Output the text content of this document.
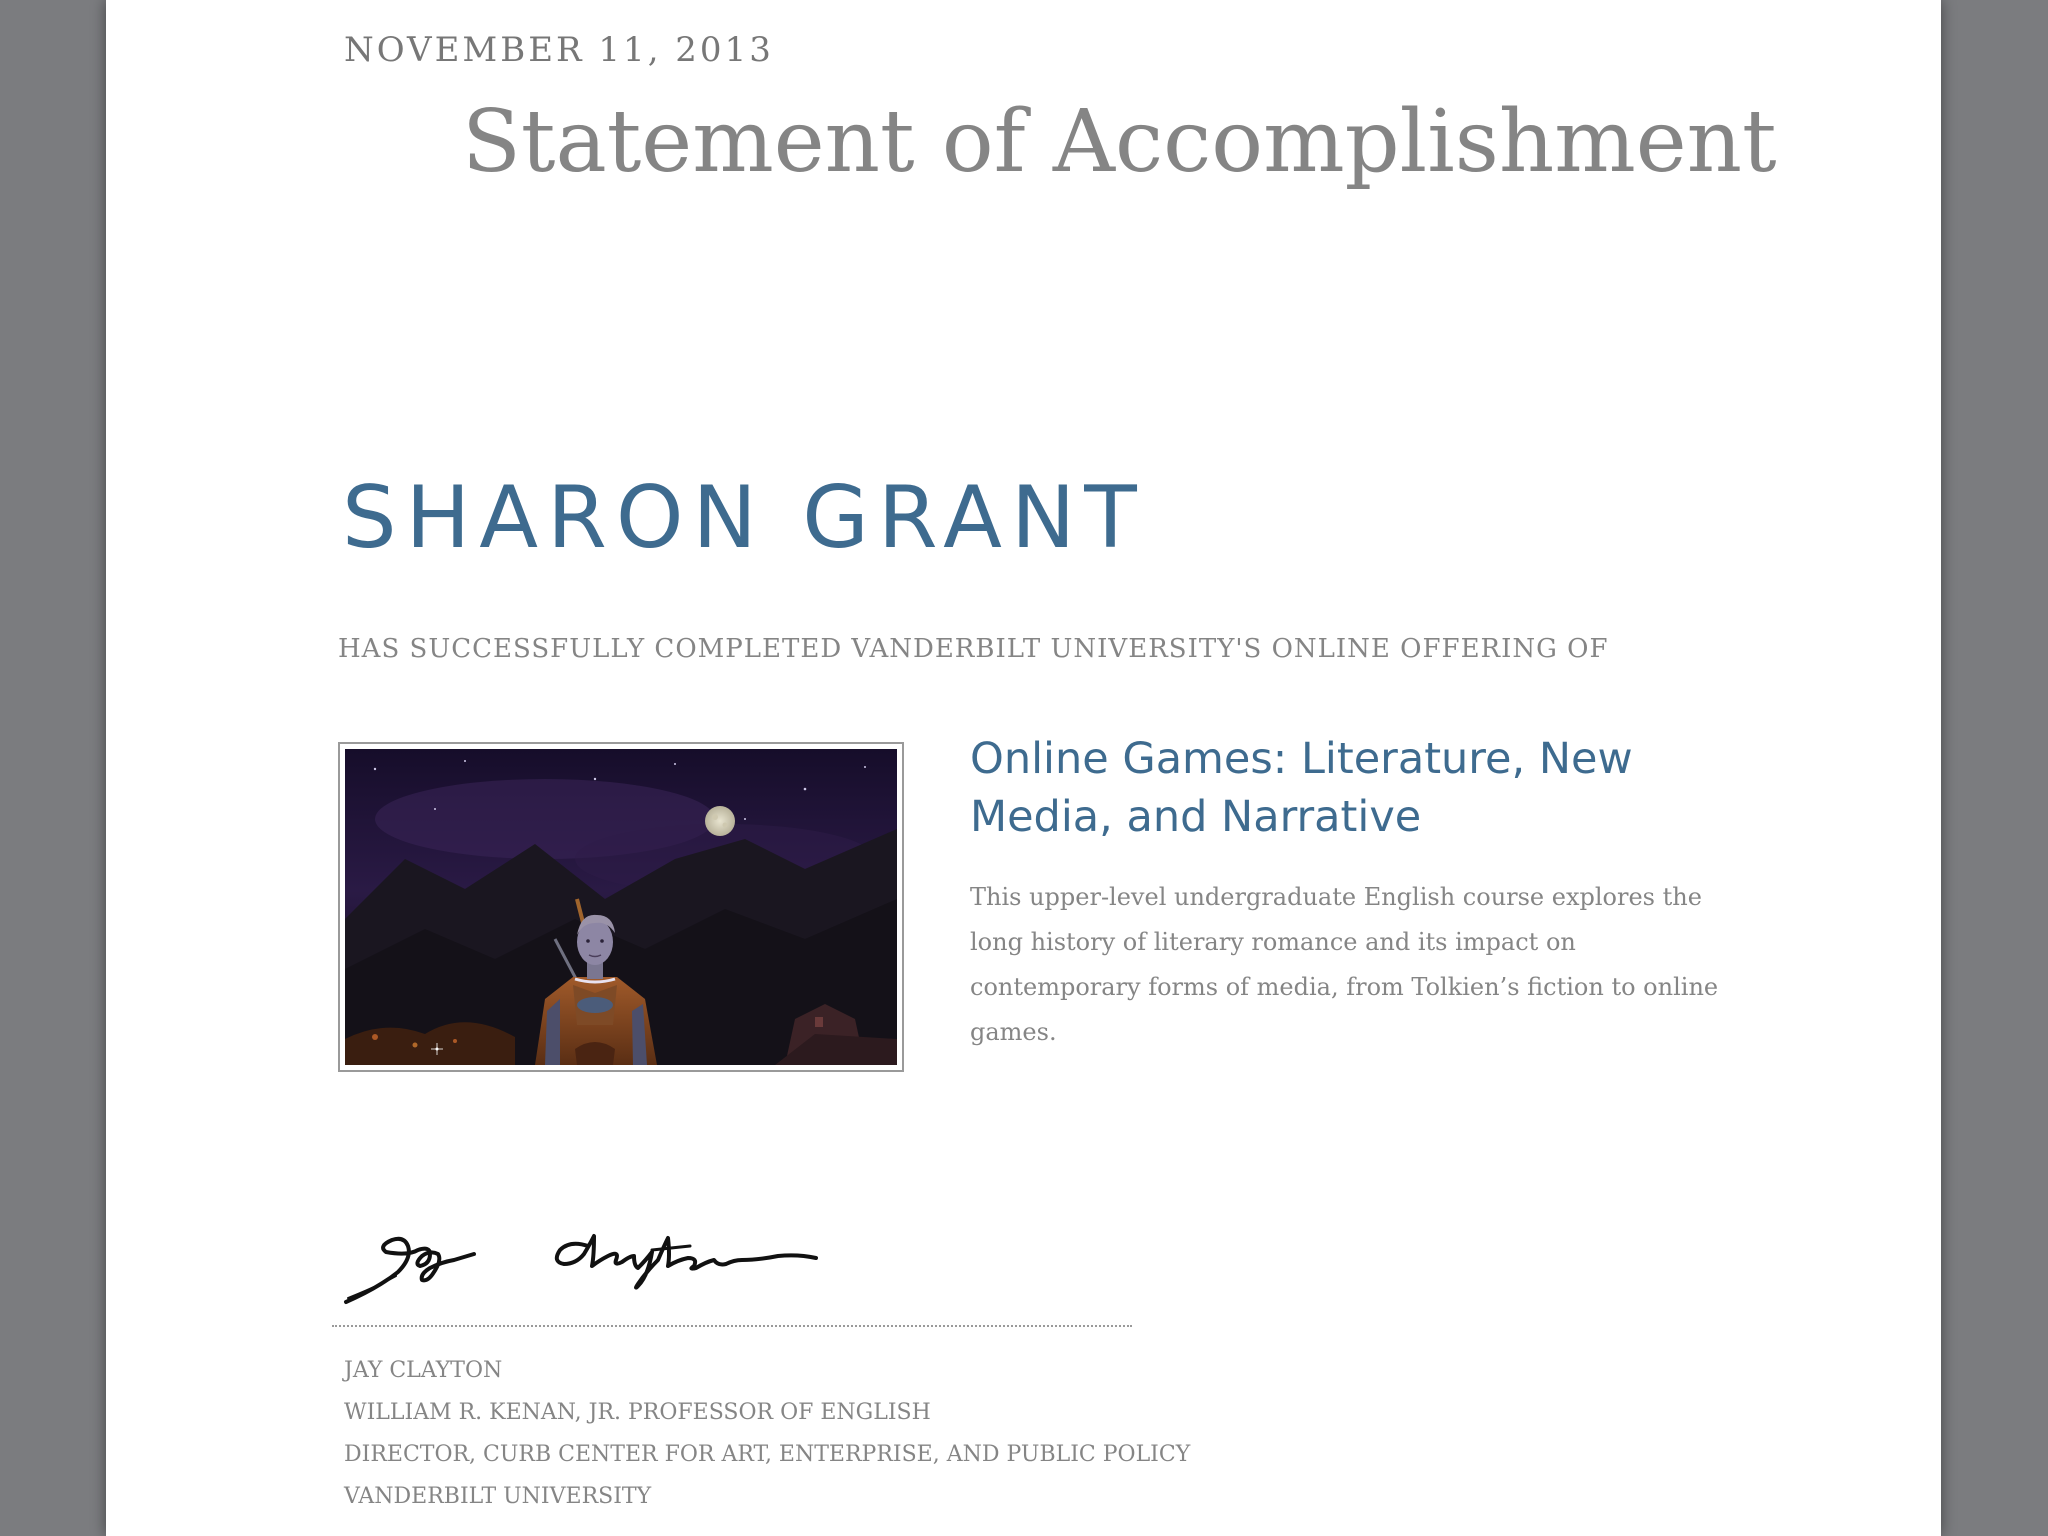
NOVEMBER 11, 2013
Statement of Accomplishment
SHARON GRANT
HAS SUCCESSFULLY COMPLETED VANDERBILT UNIVERSITY'S ONLINE OFFERING OF
Online Games: Literature, New Media, and Narrative
This upper-level undergraduate English course explores the long history of literary romance and its impact on contemporary forms of media, from Tolkien’s fiction to online games.
JAY CLAYTON
WILLIAM R. KENAN, JR. PROFESSOR OF ENGLISH
DIRECTOR, CURB CENTER FOR ART, ENTERPRISE, AND PUBLIC POLICY
VANDERBILT UNIVERSITY
